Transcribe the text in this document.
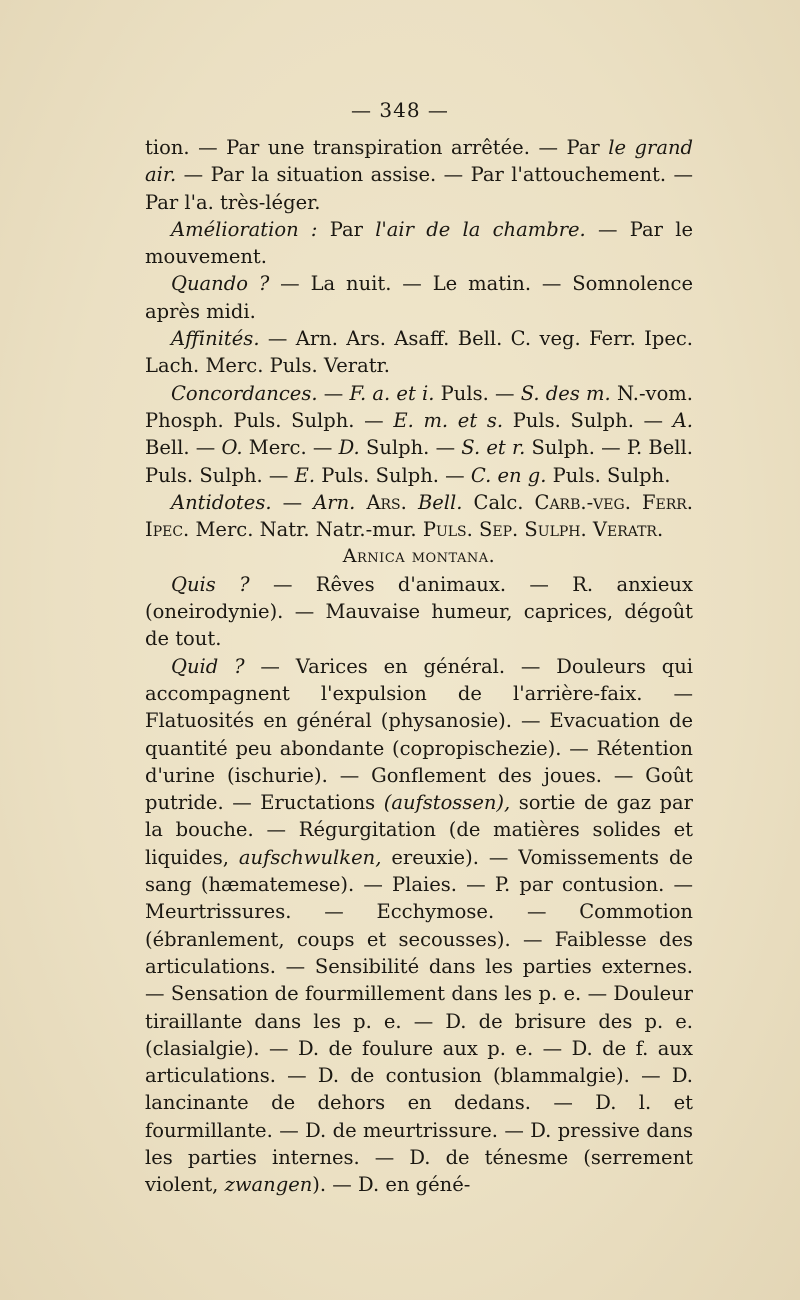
— 348 —

tion. — Par une transpiration arrêtée. — Par le grand air. — Par la situation assise. — Par l'attouchement. — Par l'a. très-léger.

Amélioration : Par l'air de la chambre. — Par le mouvement.

Quando ? — La nuit. — Le matin. — Somnolence après midi.

Affinités. — Arn. Ars. Asaff. Bell. C. veg. Ferr. Ipec. Lach. Merc. Puls. Veratr.

Concordances. — F. a. et i. Puls. — S. des m. N.-vom. Phosph. Puls. Sulph. — E. m. et s. Puls. Sulph. — A. Bell. — O. Merc. — D. Sulph. — S. et r. Sulph. — P. Bell. Puls. Sulph. — E. Puls. Sulph. — C. en g. Puls. Sulph.

Antidotes. — Arn. Ars. Bell. Calc. Carb.-veg. Ferr. Ipec. Merc. Natr. Natr.-mur. Puls. Sep. Sulph. Veratr.

Arnica montana.

Quis ? — Rêves d'animaux. — R. anxieux (oneirodynie). — Mauvaise humeur, caprices, dégoût de tout.

Quid ? — Varices en général. — Douleurs qui accompagnent l'expulsion de l'arrière-faix. — Flatuosités en général (physanosie). — Evacuation de quantité peu abondante (copropischezie). — Rétention d'urine (ischurie). — Gonflement des joues. — Goût putride. — Eructations (aufstossen), sortie de gaz par la bouche. — Régurgitation (de matières solides et liquides, aufschwulken, ereuxie). — Vomissements de sang (hæmatemese). — Plaies. — P. par contusion. — Meurtrissures. — Ecchymose. — Commotion (ébranlement, coups et secousses). — Faiblesse des articulations. — Sensibilité dans les parties externes. — Sensation de fourmillement dans les p. e. — Douleur tiraillante dans les p. e. — D. de brisure des p. e. (clasialgie). — D. de foulure aux p. e. — D. de f. aux articulations. — D. de contusion (blammalgie). — D. lancinante de dehors en dedans. — D. l. et fourmillante. — D. de meurtrissure. — D. pressive dans les parties internes. — D. de ténesme (serrement violent, zwangen). — D. en géné-
